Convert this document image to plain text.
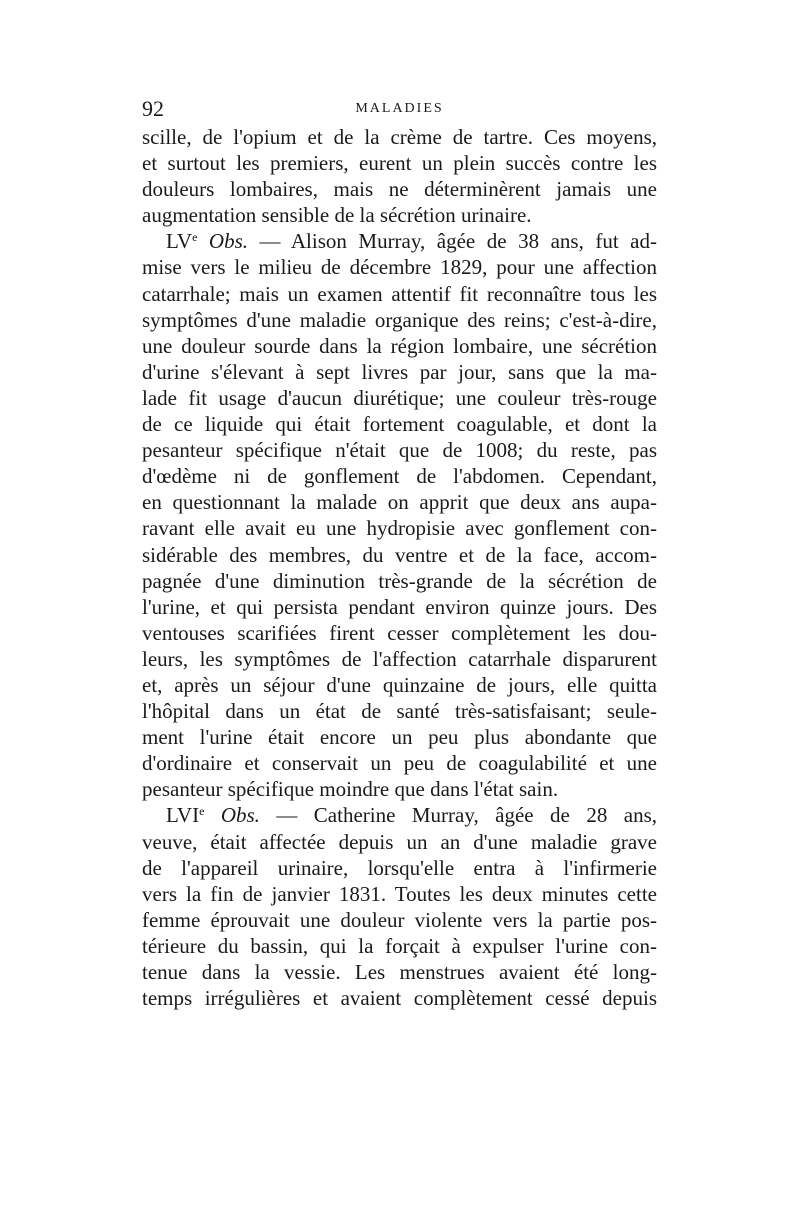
92	MALADIES
scille, de l'opium et de la crème de tartre. Ces moyens,
et surtout les premiers, eurent un plein succès contre les
douleurs lombaires, mais ne déterminèrent jamais une
augmentation sensible de la sécrétion urinaire.
LVe Obs. — Alison Murray, âgée de 38 ans, fut ad-
mise vers le milieu de décembre 1829, pour une affection
catarrhale; mais un examen attentif fit reconnaître tous les
symptômes d'une maladie organique des reins; c'est-à-dire,
une douleur sourde dans la région lombaire, une sécrétion
d'urine s'élevant à sept livres par jour, sans que la ma-
lade fit usage d'aucun diurétique; une couleur très-rouge
de ce liquide qui était fortement coagulable, et dont la
pesanteur spécifique n'était que de 1008; du reste, pas
d'œdème ni de gonflement de l'abdomen. Cependant,
en questionnant la malade on apprit que deux ans aupa-
ravant elle avait eu une hydropisie avec gonflement con-
sidérable des membres, du ventre et de la face, accom-
pagnée d'une diminution très-grande de la sécrétion de
l'urine, et qui persista pendant environ quinze jours. Des
ventouses scarifiées firent cesser complètement les dou-
leurs, les symptômes de l'affection catarrhale disparurent
et, après un séjour d'une quinzaine de jours, elle quitta
l'hôpital dans un état de santé très-satisfaisant; seule-
ment l'urine était encore un peu plus abondante que
d'ordinaire et conservait un peu de coagulabilité et une
pesanteur spécifique moindre que dans l'état sain.
LVIe Obs. — Catherine Murray, âgée de 28 ans,
veuve, était affectée depuis un an d'une maladie grave
de l'appareil urinaire, lorsqu'elle entra à l'infirmerie
vers la fin de janvier 1831. Toutes les deux minutes cette
femme éprouvait une douleur violente vers la partie pos-
térieure du bassin, qui la forçait à expulser l'urine con-
tenue dans la vessie. Les menstrues avaient été long-
temps irrégulières et avaient complètement cessé depuis
